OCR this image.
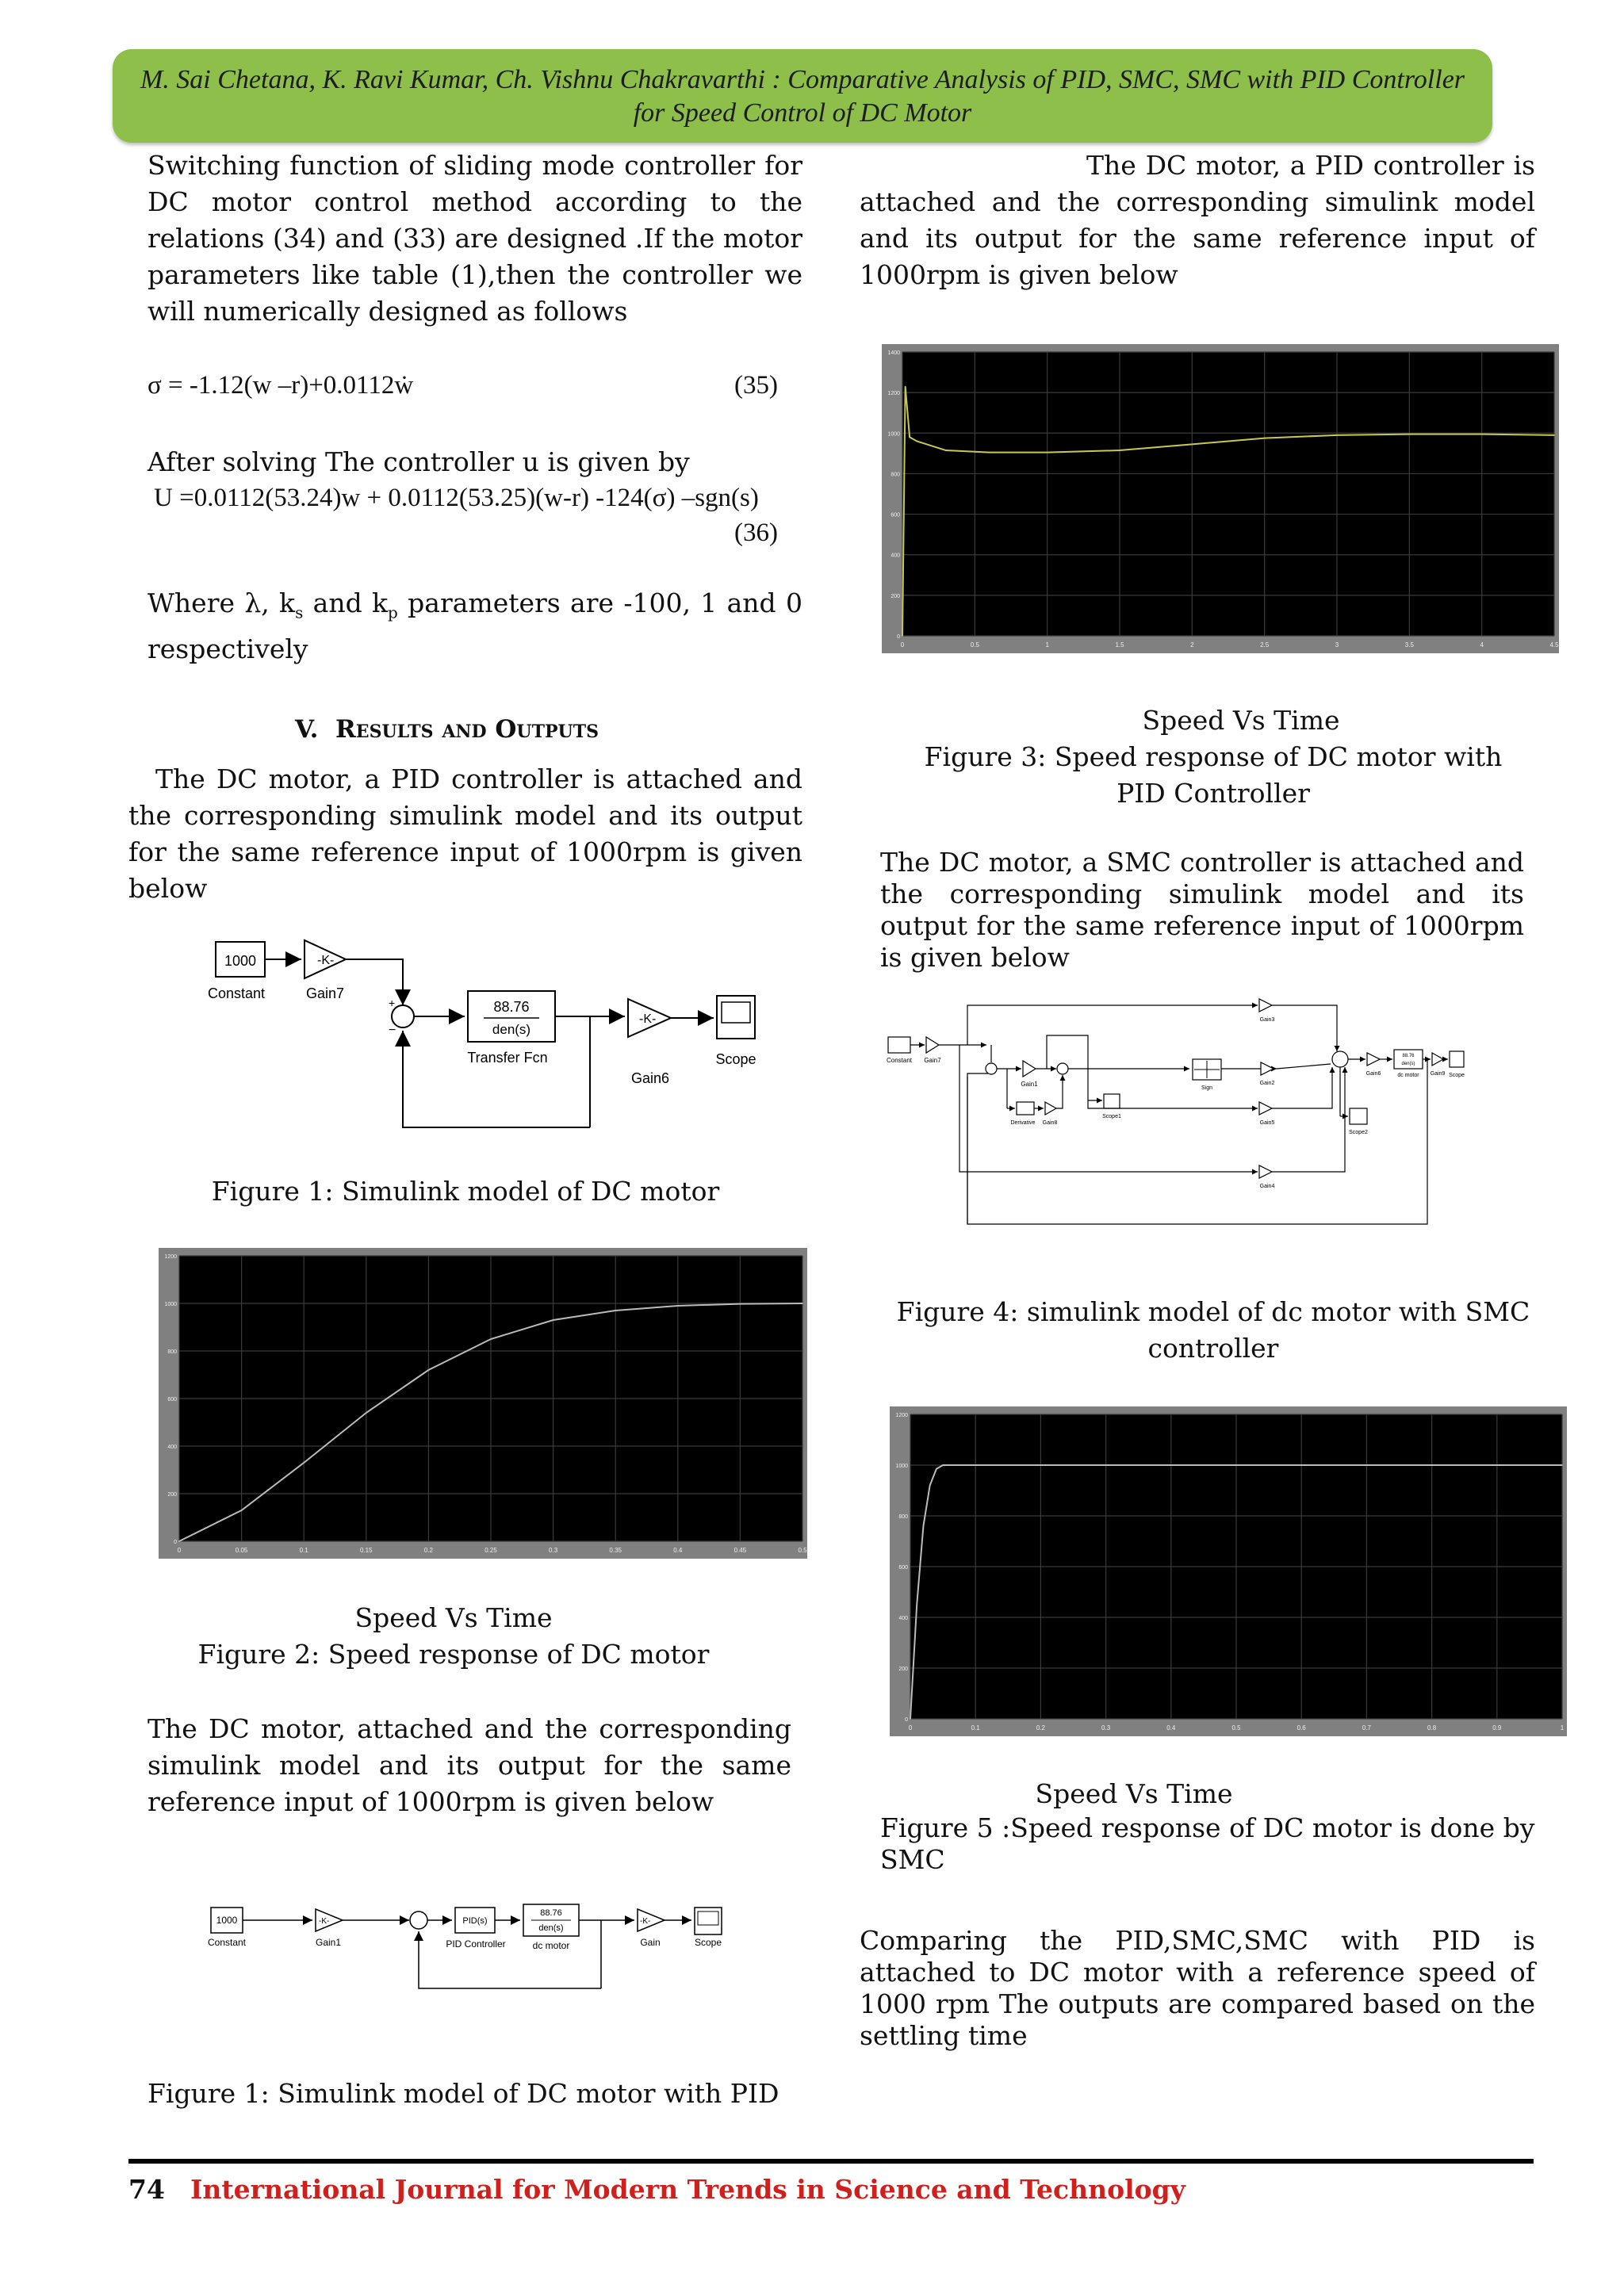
M. Sai Chetana, K. Ravi Kumar, Ch. Vishnu Chakravarthi : Comparative Analysis of PID, SMC, SMC with PID Controller
for Speed Control of DC Motor
Switching function of sliding mode controller for DC motor control method according to the relations (34) and (33) are designed .If the motor parameters like table (1),then the controller we will numerically designed as follows
σ = -1.12(w –r)+0.0112ẇ	(35)
After solving The controller u is given by
U =0.0112(53.24)w + 0.0112(53.25)(w-r) -124(σ) –sgn(s)
(36)
Where λ, $k_s$ and $k_p$ parameters are -100, 1 and 0 respectively
V. Results and Outputs
The DC motor, a PID controller is attached and the corresponding simulink model and its output for the same reference input of 1000rpm is given below
1000
Constant
-K-
Gain7
+
−
88.76
den(s)
Transfer Fcn
-K-
Gain6
Scope
Figure 1: Simulink model of DC motor
0	0.05	0.1	0.15	0.2	0.25	0.3	0.35	0.4	0.45	0.5
0
200
400
600
800
1000
1200
Speed Vs Time
Figure 2: Speed response of DC motor
The DC motor, attached and the corresponding simulink model and its output for the same reference input of 1000rpm is given below
1000
Constant
-K-
Gain1
PID(s)
PID Controller
88.76
den(s)
dc motor
-K-
Gain	Scope
Figure 1: Simulink model of DC motor with PID
The DC motor, a PID controller is attached and the corresponding simulink model and its output for the same reference input of 1000rpm is given below
0	0.5	1	1.5	2	2.5	3	3.5	4	4.5
0
200
400
600
800
1000
1200
1400
Speed Vs Time
Figure 3: Speed response of DC motor with
PID Controller
The DC motor, a SMC controller is attached and the corresponding simulink model and its output for the same reference input of 1000rpm is given below
Constant Gain7
Gain1
Derivative Gain8
Scope1
Sign
Gain2
Gain3
Gain5
Gain4
Scope2
Gain6
88.76
den(s)
dc motor Gain9 Scope
Figure 4: simulink model of dc motor with SMC
controller
0	0.1	0.2	0.3	0.4	0.5	0.6	0.7	0.8	0.9	1
0
200
400
600
800
1000
1200
Speed Vs Time
Figure 5 :Speed response of DC motor is done by
SMC
Comparing the PID,SMC,SMC with PID is attached to DC motor with a reference speed of 1000 rpm The outputs are compared based on the settling time
74 International Journal for Modern Trends in Science and Technology
